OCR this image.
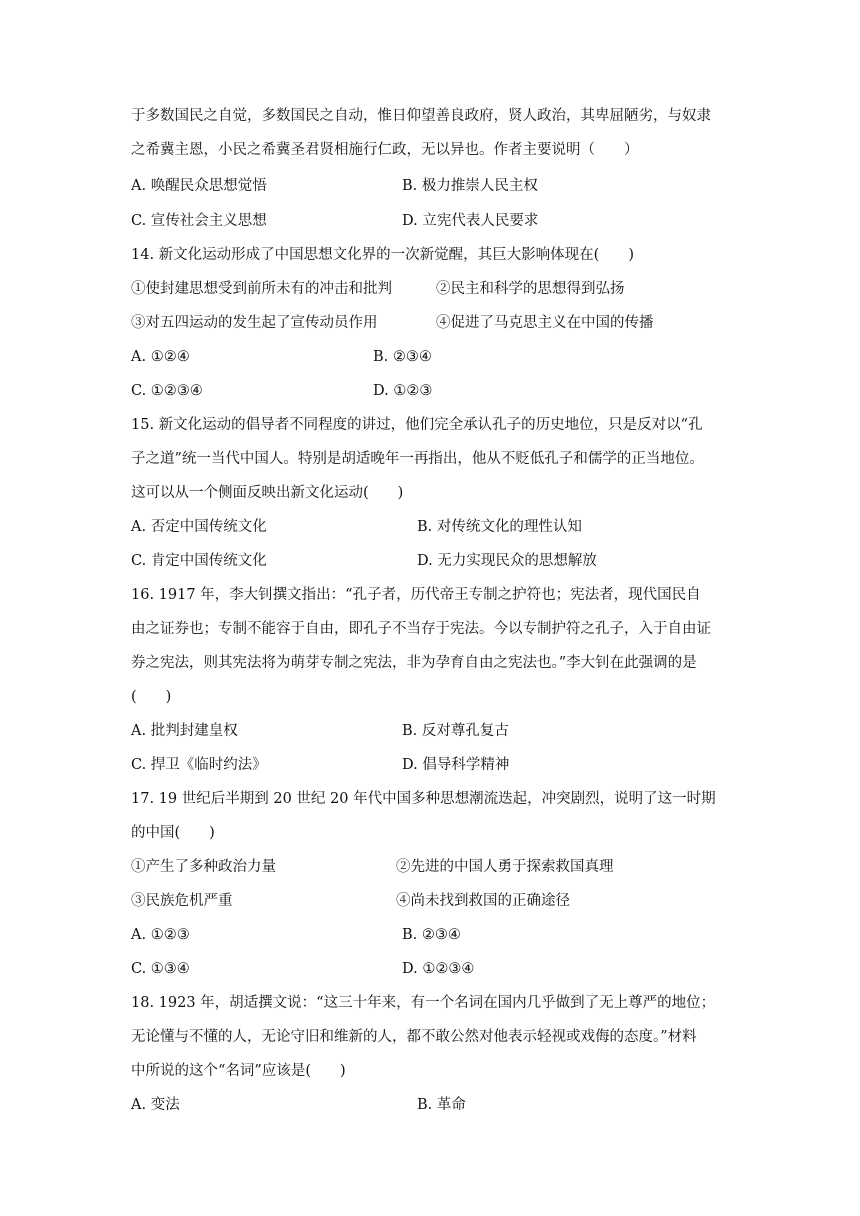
于多数国民之自觉，多数国民之自动，惟日仰望善良政府，贤人政治，其卑屈陋劣，与奴隶
之希冀主恩，小民之希冀圣君贤相施行仁政，无以异也。作者主要说明（　　）
A. 唤醒民众思想觉悟	B. 极力推崇人民主权
C. 宣传社会主义思想	D. 立宪代表人民要求
14. 新文化运动形成了中国思想文化界的一次新觉醒，其巨大影响体现在(　　)
①使封建思想受到前所未有的冲击和批判	②民主和科学的思想得到弘扬
③对五四运动的发生起了宣传动员作用	④促进了马克思主义在中国的传播
A. ①②④	B. ②③④
C. ①②③④	D. ①②③
15. 新文化运动的倡导者不同程度的讲过，他们完全承认孔子的历史地位，只是反对以“孔
子之道”统一当代中国人。特别是胡适晚年一再指出，他从不贬低孔子和儒学的正当地位。
这可以从一个侧面反映出新文化运动(　　)
A. 否定中国传统文化	B. 对传统文化的理性认知
C. 肯定中国传统文化	D. 无力实现民众的思想解放
16. 1917 年，李大钊撰文指出：“孔子者，历代帝王专制之护符也；宪法者，现代国民自
由之证券也；专制不能容于自由，即孔子不当存于宪法。今以专制护符之孔子，入于自由证
券之宪法，则其宪法将为萌芽专制之宪法，非为孕育自由之宪法也。”李大钊在此强调的是
(　　)
A. 批判封建皇权	B. 反对尊孔复古
C. 捍卫《临时约法》	D. 倡导科学精神
17. 19 世纪后半期到 20 世纪 20 年代中国多种思想潮流迭起，冲突剧烈，说明了这一时期
的中国(　　)
①产生了多种政治力量	②先进的中国人勇于探索救国真理
③民族危机严重	④尚未找到救国的正确途径
A. ①②③	B. ②③④
C. ①③④	D. ①②③④
18. 1923 年，胡适撰文说：“这三十年来，有一个名词在国内几乎做到了无上尊严的地位；
无论懂与不懂的人，无论守旧和维新的人，都不敢公然对他表示轻视或戏侮的态度。”材料
中所说的这个“名词”应该是(　　)
A. 变法	B. 革命
